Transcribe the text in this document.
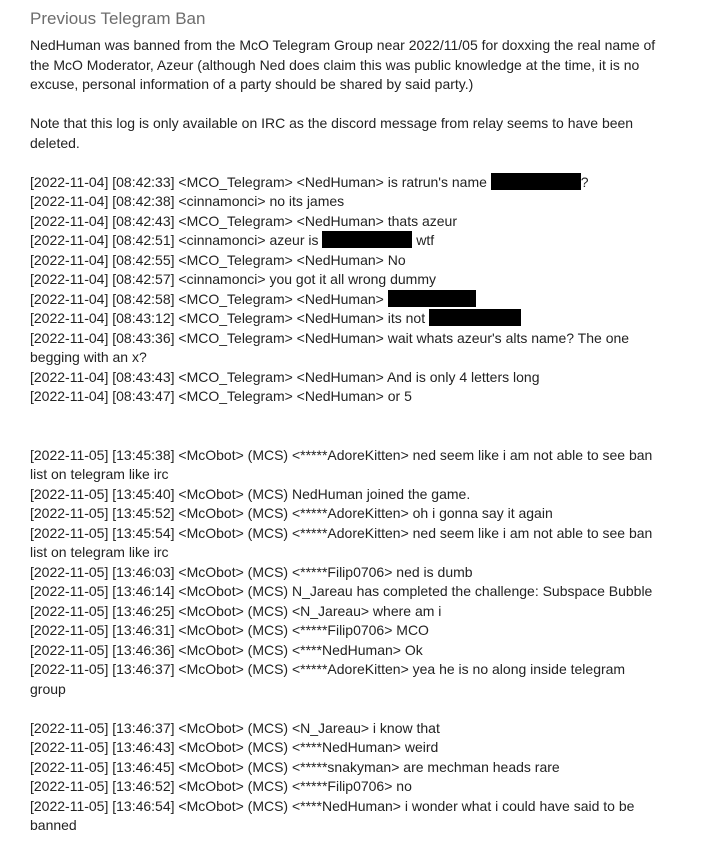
Previous Telegram Ban

NedHuman was banned from the McO Telegram Group near 2022/11/05 for doxxing the real name of the McO Moderator, Azeur (although Ned does claim this was public knowledge at the time, it is no excuse, personal information of a party should be shared by said party.)

Note that this log is only available on IRC as the discord message from relay seems to have been deleted.

[2022-11-04] [08:42:33] <MCO_Telegram> <NedHuman> is ratrun's name	?

[2022-11-04] [08:42:38] <cinnamonci> no its james

[2022-11-04] [08:42:43] <MCO_Telegram> <NedHuman> thats azeur

[2022-11-04] [08:42:51] <cinnamonci> azeur is	wtf

[2022-11-04] [08:42:55] <MCO_Telegram> <NedHuman> No

[2022-11-04] [08:42:57] <cinnamonci> you got it all wrong dummy

[2022-11-04] [08:42:58] <MCO_Telegram> <NedHuman>

[2022-11-04] [08:43:12] <MCO_Telegram> <NedHuman> its not

[2022-11-04] [08:43:36] <MCO_Telegram> <NedHuman> wait whats azeur's alts name? The one begging with an x?

[2022-11-04] [08:43:43] <MCO_Telegram> <NedHuman> And is only 4 letters long

[2022-11-04] [08:43:47] <MCO_Telegram> <NedHuman> or 5

[2022-11-05] [13:45:38] <McObot> (MCS) <*****AdoreKitten> ned seem like i am not able to see ban list on telegram like irc

[2022-11-05] [13:45:40] <McObot> (MCS) NedHuman joined the game.

[2022-11-05] [13:45:52] <McObot> (MCS) <*****AdoreKitten> oh i gonna say it again

[2022-11-05] [13:45:54] <McObot> (MCS) <*****AdoreKitten> ned seem like i am not able to see ban list on telegram like irc

[2022-11-05] [13:46:03] <McObot> (MCS) <*****Filip0706> ned is dumb

[2022-11-05] [13:46:14] <McObot> (MCS) N_Jareau has completed the challenge: Subspace Bubble

[2022-11-05] [13:46:25] <McObot> (MCS) <N_Jareau> where am i

[2022-11-05] [13:46:31] <McObot> (MCS) <*****Filip0706> MCO

[2022-11-05] [13:46:36] <McObot> (MCS) <****NedHuman> Ok

[2022-11-05] [13:46:37] <McObot> (MCS) <*****AdoreKitten> yea he is no along inside telegram group

[2022-11-05] [13:46:37] <McObot> (MCS) <N_Jareau> i know that

[2022-11-05] [13:46:43] <McObot> (MCS) <****NedHuman> weird

[2022-11-05] [13:46:45] <McObot> (MCS) <*****snakyman> are mechman heads rare

[2022-11-05] [13:46:52] <McObot> (MCS) <*****Filip0706> no

[2022-11-05] [13:46:54] <McObot> (MCS) <****NedHuman> i wonder what i could have said to be banned
